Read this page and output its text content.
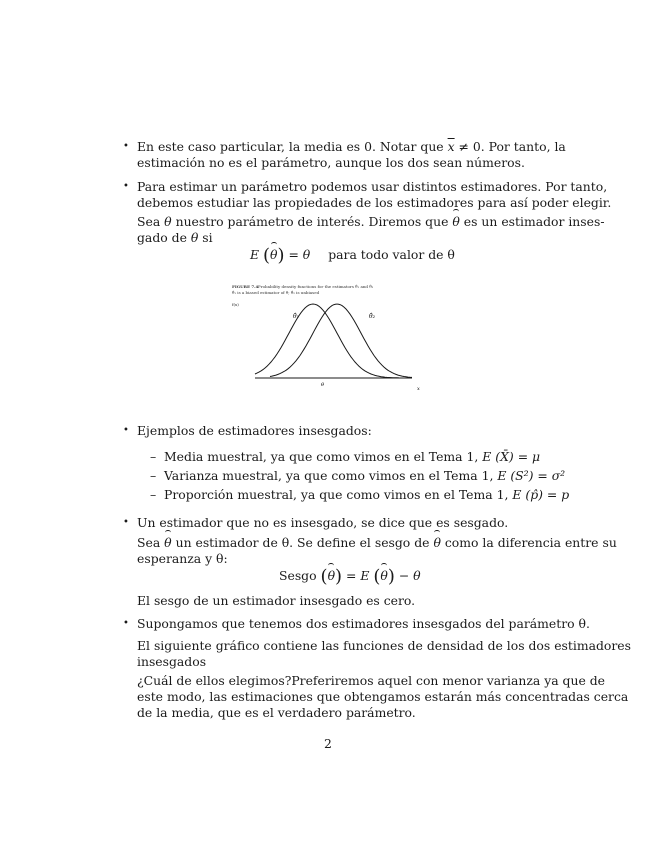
• En este caso particular, la media es 0. Notar que $\overline{x} \ne 0$. Por tanto, la
estimación no es el parámetro, aunque los dos sean números.
• Para estimar un parámetro podemos usar distintos estimadores. Por tanto,
debemos estudiar las propiedades de los estimadores para así poder elegir.
Sea θ nuestro parámetro de interés. Diremos que θ es un estimador inses-
gado de θ si
E (θ) = θ para todo valor de θ
FIGURE 7.4 Probability density functions for the estimators θ̂₁ and θ̂₂
θ̂₁ is a biased estimator of θ; θ̂₂ is unbiased
f(x)
θ̂₁	θ̂₂
θ
x
• Ejemplos de estimadores insesgados:
– Media muestral, ya que como vimos en el Tema 1, E (X̄) = μ
– Varianza muestral, ya que como vimos en el Tema 1, E (S²) = σ²
– Proporción muestral, ya que como vimos en el Tema 1, E (p̂) = p
• Un estimador que no es insesgado, se dice que es sesgado.
Sea θ un estimador de θ. Se define el sesgo de θ como la diferencia entre su
esperanza y θ:
Sesgo (θ) = E (θ) − θ
El sesgo de un estimador insesgado es cero.
• Supongamos que tenemos dos estimadores insesgados del parámetro θ.
El siguiente gráfico contiene las funciones de densidad de los dos estimadores
insesgados
¿Cuál de ellos elegimos?Preferiremos aquel con menor varianza ya que de
este modo, las estimaciones que obtengamos estarán más concentradas cerca
de la media, que es el verdadero parámetro.
2
